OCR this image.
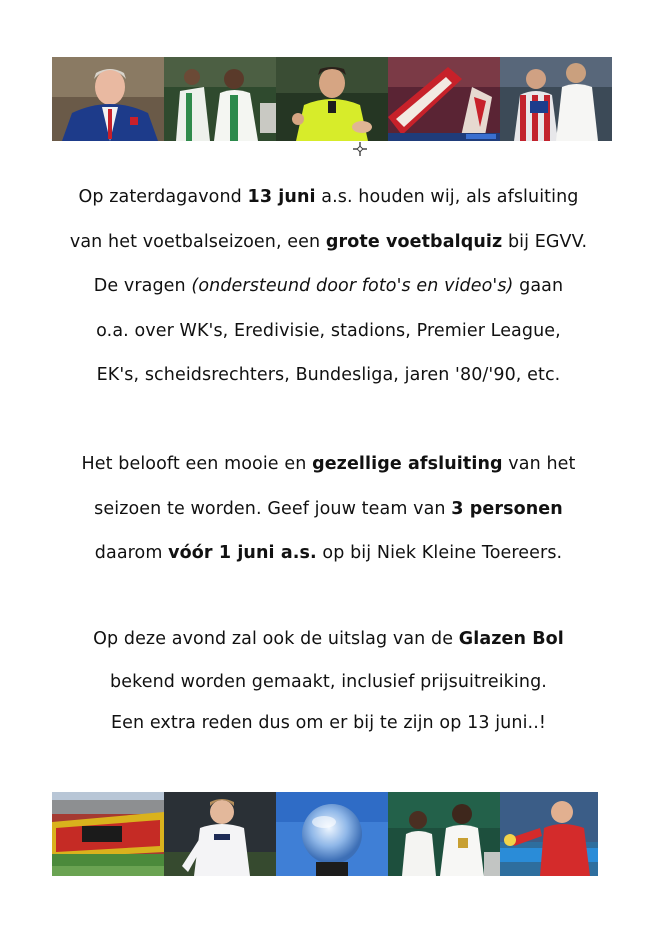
Op zaterdagavond 13 juni a.s. houden wij, als afsluiting
van het voetbalseizoen, een grote voetbalquiz bij EGVV.
De vragen (ondersteund door foto's en video's) gaan
o.a. over WK's, Eredivisie, stadions, Premier League,
EK's, scheidsrechters, Bundesliga, jaren '80/'90, etc.
Het belooft een mooie en gezellige afsluiting van het
seizoen te worden. Geef jouw team van 3 personen
daarom vóór 1 juni a.s. op bij Niek Kleine Toereers.
Op deze avond zal ook de uitslag van de Glazen Bol
bekend worden gemaakt, inclusief prijsuitreiking.
Een extra reden dus om er bij te zijn op 13 juni..!
